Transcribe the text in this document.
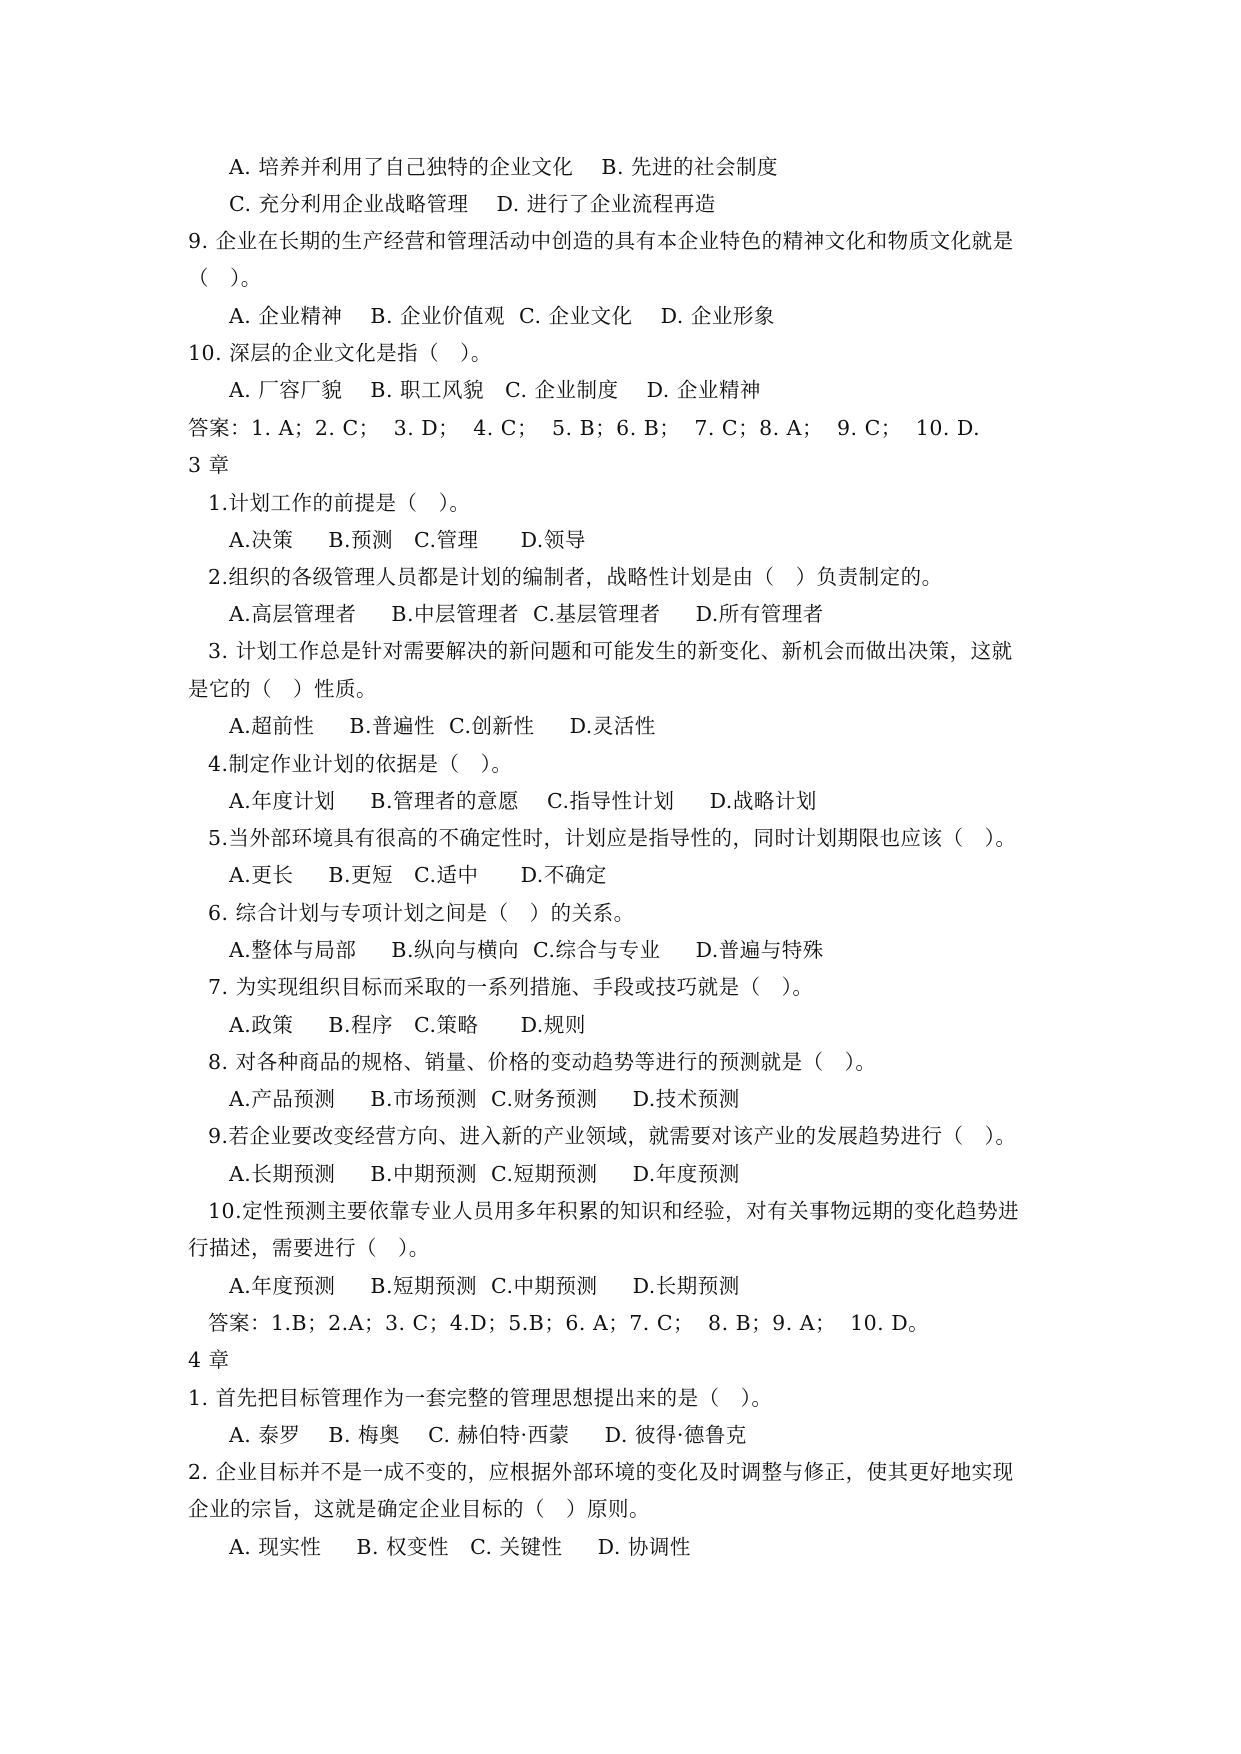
A. 培养并利用了自己独特的企业文化    B. 先进的社会制度
C. 充分利用企业战略管理    D. 进行了企业流程再造
9. 企业在长期的生产经营和管理活动中创造的具有本企业特色的精神文化和物质文化就是
（   ）。
A. 企业精神    B. 企业价值观  C. 企业文化    D. 企业形象
10. 深层的企业文化是指（   ）。
A. 厂容厂貌    B. 职工风貌   C. 企业制度    D. 企业精神
答案：1. A；2. C；  3. D；  4. C；  5. B；6. B；  7. C；8. A；  9. C；  10. D.
3 章
1.计划工作的前提是（   ）。
A.决策     B.预测   C.管理      D.领导
2.组织的各级管理人员都是计划的编制者，战略性计划是由（   ）负责制定的。
A.高层管理者     B.中层管理者  C.基层管理者     D.所有管理者
3. 计划工作总是针对需要解决的新问题和可能发生的新变化、新机会而做出决策，这就
是它的（   ）性质。
A.超前性     B.普遍性  C.创新性     D.灵活性
4.制定作业计划的依据是（   ）。
A.年度计划     B.管理者的意愿    C.指导性计划     D.战略计划
5.当外部环境具有很高的不确定性时，计划应是指导性的，同时计划期限也应该（   ）。
A.更长     B.更短   C.适中      D.不确定
6. 综合计划与专项计划之间是（   ）的关系。
A.整体与局部     B.纵向与横向  C.综合与专业     D.普遍与特殊
7. 为实现组织目标而采取的一系列措施、手段或技巧就是（   ）。
A.政策     B.程序   C.策略      D.规则
8. 对各种商品的规格、销量、价格的变动趋势等进行的预测就是（   ）。
A.产品预测     B.市场预测  C.财务预测     D.技术预测
9.若企业要改变经营方向、进入新的产业领域，就需要对该产业的发展趋势进行（   ）。
A.长期预测     B.中期预测  C.短期预测     D.年度预测
10.定性预测主要依靠专业人员用多年积累的知识和经验，对有关事物远期的变化趋势进
行描述，需要进行（   ）。
A.年度预测     B.短期预测  C.中期预测     D.长期预测
答案：1.B；2.A；3. C；4.D；5.B；6. A；7. C；  8. B；9. A；  10. D。
4 章
1. 首先把目标管理作为一套完整的管理思想提出来的是（   ）。
A. 泰罗    B. 梅奥    C. 赫伯特·西蒙     D. 彼得·德鲁克
2. 企业目标并不是一成不变的，应根据外部环境的变化及时调整与修正，使其更好地实现
企业的宗旨，这就是确定企业目标的（   ）原则。
A. 现实性     B. 权变性   C. 关键性     D. 协调性
